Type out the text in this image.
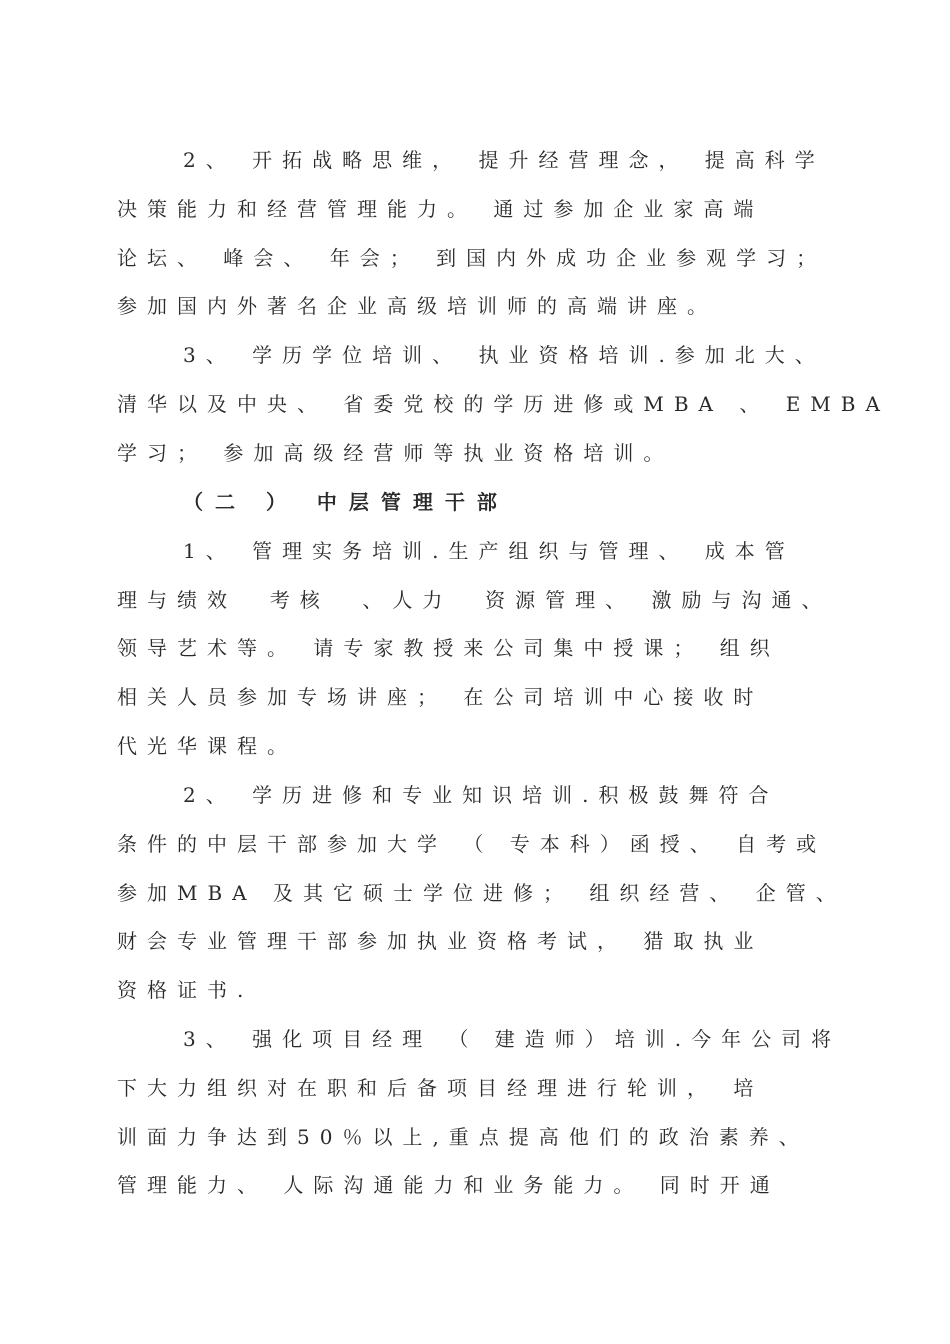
2、 开拓战略思维， 提升经营理念， 提高科学
决策能力和经营管理能力。 通过参加企业家高端
论坛、 峰会、 年会； 到国内外成功企业参观学习；
参加国内外著名企业高级培训师的高端讲座。
3、 学历学位培训、 执业资格培训.参加北大、
清华以及中央、 省委党校的学历进修或MBA 、 EMBA
学习； 参加高级经营师等执业资格培训。
（二 ） 中层管理干部
1、 管理实务培训.生产组织与管理、 成本管
理与绩效  考核  、人力  资源管理、 激励与沟通、
领导艺术等。 请专家教授来公司集中授课； 组织
相关人员参加专场讲座； 在公司培训中心接收时
代光华课程。
2、 学历进修和专业知识培训.积极鼓舞符合
条件的中层干部参加大学 （ 专本科）函授、 自考或
参加MBA 及其它硕士学位进修； 组织经营、 企管、
财会专业管理干部参加执业资格考试， 猎取执业
资格证书.
3、 强化项目经理 （ 建造师）培训.今年公司将
下大力组织对在职和后备项目经理进行轮训， 培
训面力争达到50％以上,重点提高他们的政治素养、
管理能力、 人际沟通能力和业务能力。 同时开通
